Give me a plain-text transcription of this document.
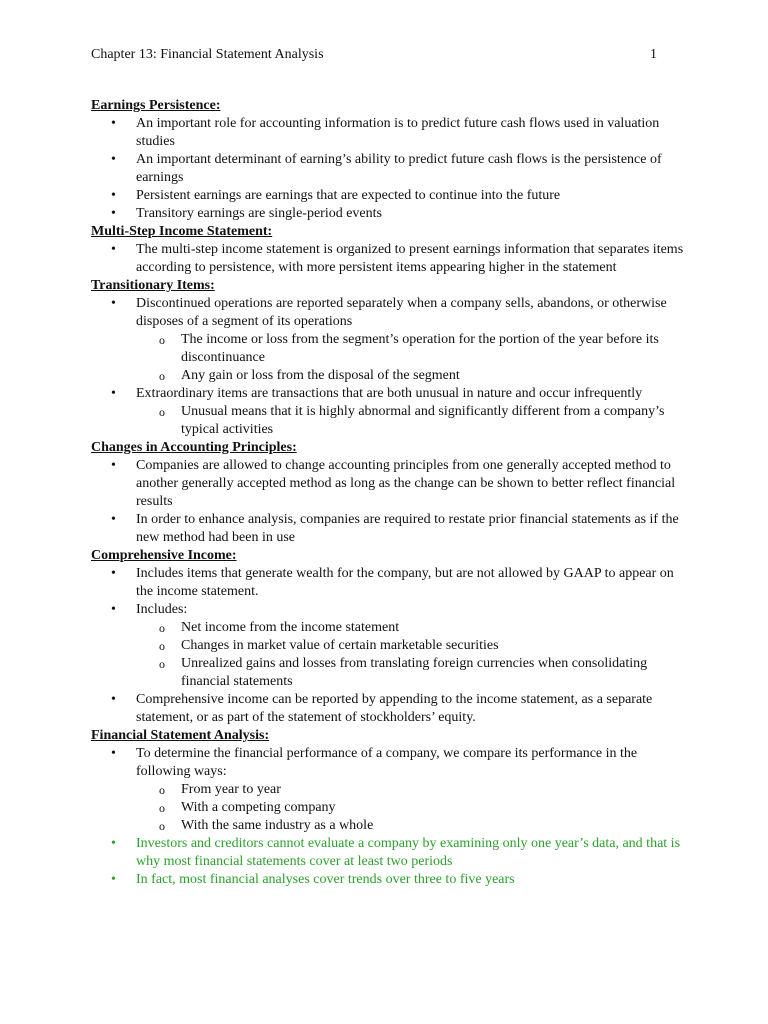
Chapter 13: Financial Statement Analysis	1
Earnings Persistence:
• An important role for accounting information is to predict future cash flows used in valuation studies
• An important determinant of earning’s ability to predict future cash flows is the persistence of earnings
• Persistent earnings are earnings that are expected to continue into the future
• Transitory earnings are single-period events
Multi-Step Income Statement:
• The multi-step income statement is organized to present earnings information that separates items according to persistence, with more persistent items appearing higher in the statement
Transitionary Items:
• Discontinued operations are reported separately when a company sells, abandons, or otherwise disposes of a segment of its operations
o The income or loss from the segment’s operation for the portion of the year before its discontinuance
o Any gain or loss from the disposal of the segment
• Extraordinary items are transactions that are both unusual in nature and occur infrequently
o Unusual means that it is highly abnormal and significantly different from a company’s typical activities
Changes in Accounting Principles:
• Companies are allowed to change accounting principles from one generally accepted method to another generally accepted method as long as the change can be shown to better reflect financial results
• In order to enhance analysis, companies are required to restate prior financial statements as if the new method had been in use
Comprehensive Income:
• Includes items that generate wealth for the company, but are not allowed by GAAP to appear on the income statement.
• Includes:
o Net income from the income statement
o Changes in market value of certain marketable securities
o Unrealized gains and losses from translating foreign currencies when consolidating financial statements
• Comprehensive income can be reported by appending to the income statement, as a separate statement, or as part of the statement of stockholders’ equity.
Financial Statement Analysis:
• To determine the financial performance of a company, we compare its performance in the following ways:
o From year to year
o With a competing company
o With the same industry as a whole
• Investors and creditors cannot evaluate a company by examining only one year’s data, and that is why most financial statements cover at least two periods
• In fact, most financial analyses cover trends over three to five years
